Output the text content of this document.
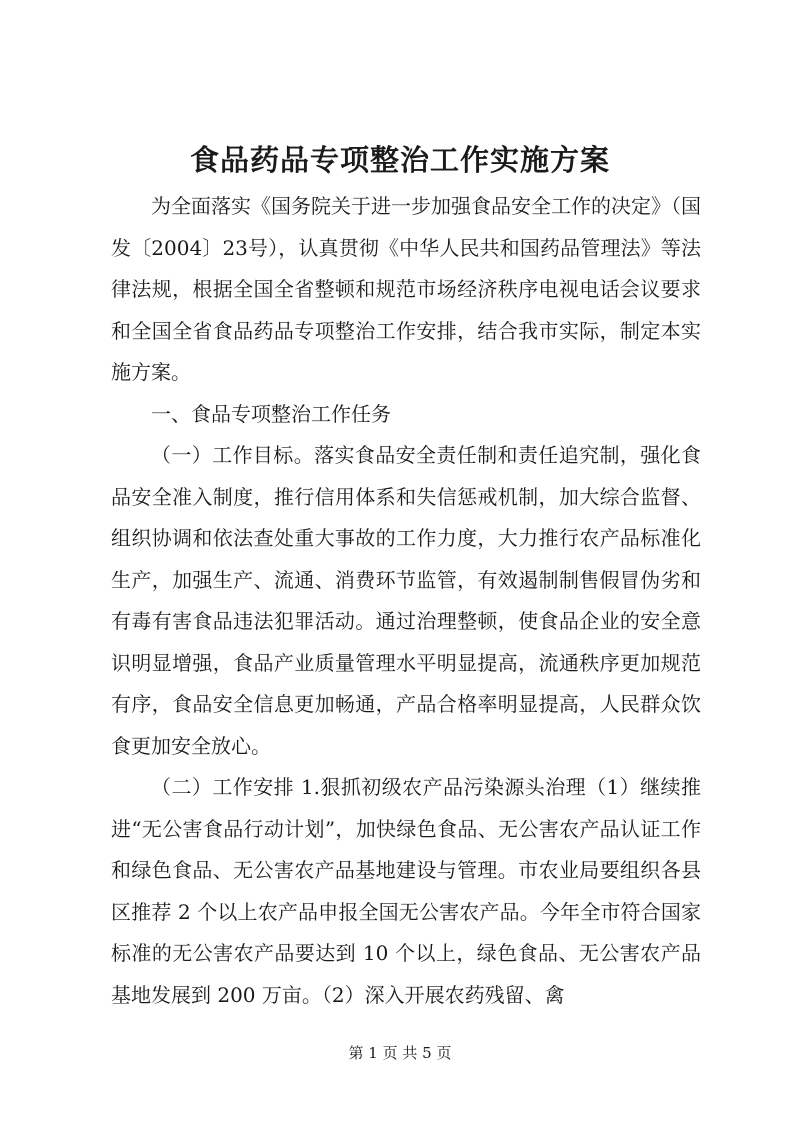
食品药品专项整治工作实施方案

为全面落实《国务院关于进一步加强食品安全工作的决定》（国发〔2004〕23号），认真贯彻《中华人民共和国药品管理法》等法律法规，根据全国全省整顿和规范市场经济秩序电视电话会议要求和全国全省食品药品专项整治工作安排，结合我市实际，制定本实施方案。

一、食品专项整治工作任务

（一）工作目标。落实食品安全责任制和责任追究制，强化食品安全准入制度，推行信用体系和失信惩戒机制，加大综合监督、组织协调和依法查处重大事故的工作力度，大力推行农产品标准化生产，加强生产、流通、消费环节监管，有效遏制制售假冒伪劣和有毒有害食品违法犯罪活动。通过治理整顿，使食品企业的安全意识明显增强，食品产业质量管理水平明显提高，流通秩序更加规范有序，食品安全信息更加畅通，产品合格率明显提高，人民群众饮食更加安全放心。

（二）工作安排 1.狠抓初级农产品污染源头治理（1）继续推进“无公害食品行动计划”，加快绿色食品、无公害农产品认证工作和绿色食品、无公害农产品基地建设与管理。市农业局要组织各县区推荐 2 个以上农产品申报全国无公害农产品。今年全市符合国家标准的无公害农产品要达到 10 个以上，绿色食品、无公害农产品基地发展到 200 万亩。（2）深入开展农药残留、禽

第 1 页 共 5 页
